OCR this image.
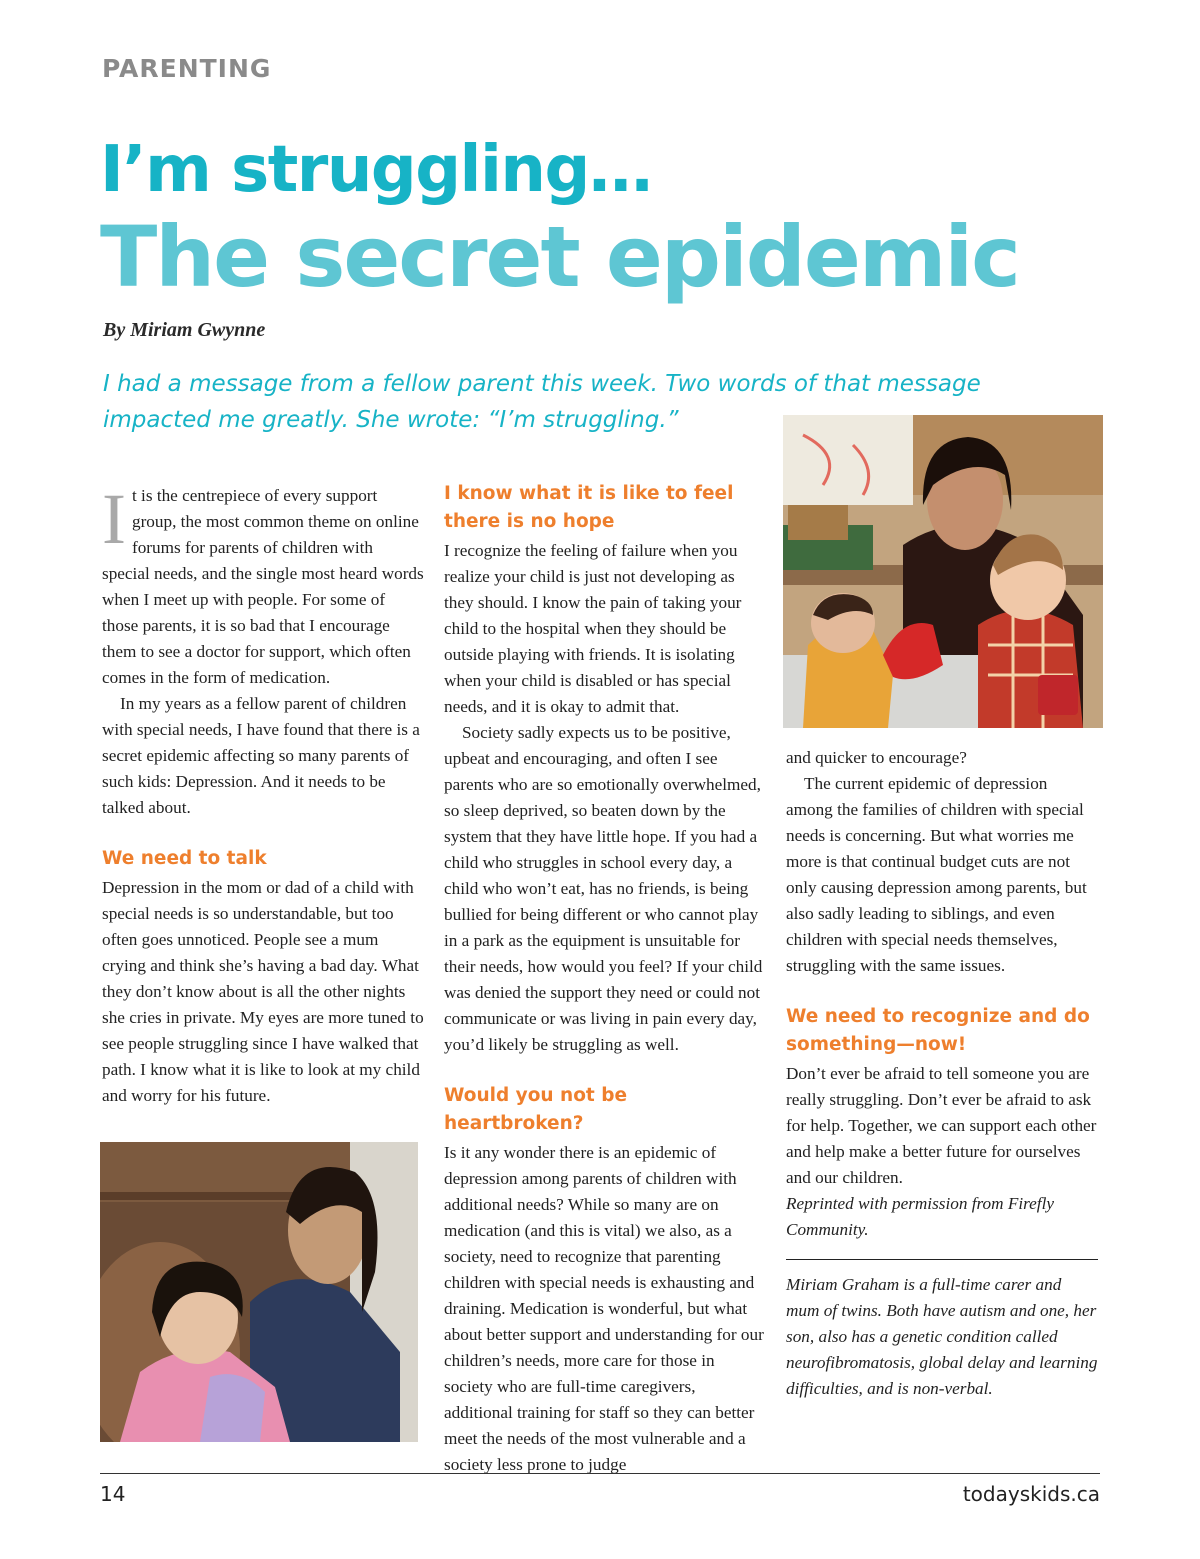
PARENTING
I’m struggling…
The secret epidemic
By Miriam Gwynne
I had a message from a fellow parent this week. Two words of that message impacted me greatly. She wrote: “I’m struggling.”

It is the centrepiece of every support group, the most common theme on online forums for parents of children with special needs, and the single most heard words when I meet up with people. For some of those parents, it is so bad that I encourage them to see a doctor for support, which often comes in the form of medication.

In my years as a fellow parent of children with special needs, I have found that there is a secret epidemic affecting so many parents of such kids: Depression. And it needs to be talked about.

We need to talk

Depression in the mom or dad of a child with special needs is so understandable, but too often goes unnoticed. People see a mum crying and think she’s having a bad day. What they don’t know about is all the other nights she cries in private. My eyes are more tuned to see people struggling since I have walked that path. I know what it is like to look at my child and worry for his future.

I know what it is like to feel there is no hope

I recognize the feeling of failure when you realize your child is just not developing as they should. I know the pain of taking your child to the hospital when they should be outside playing with friends. It is isolating when your child is disabled or has special needs, and it is okay to admit that.

Society sadly expects us to be positive, upbeat and encouraging, and often I see parents who are so emotionally overwhelmed, so sleep deprived, so beaten down by the system that they have little hope. If you had a child who struggles in school every day, a child who won’t eat, has no friends, is being bullied for being different or who cannot play in a park as the equipment is unsuitable for their needs, how would you feel? If your child was denied the support they need or could not communicate or was living in pain every day, you’d likely be struggling as well.

Would you not be heartbroken?

Is it any wonder there is an epidemic of depression among parents of children with additional needs? While so many are on medication (and this is vital) we also, as a society, need to recognize that parenting children with special needs is exhausting and draining. Medication is wonderful, but what about better support and understanding for our children’s needs, more care for those in society who are full-time caregivers, additional training for staff so they can better meet the needs of the most vulnerable and a society less prone to judge

and quicker to encourage?

The current epidemic of depression among the families of children with special needs is concerning. But what worries me more is that continual budget cuts are not only causing depression among parents, but also sadly leading to siblings, and even children with special needs themselves, struggling with the same issues.

We need to recognize and do something—now!

Don’t ever be afraid to tell someone you are really struggling. Don’t ever be afraid to ask for help. Together, we can support each other and help make a better future for ourselves and our children.

Reprinted with permission from Firefly Community.

Miriam Graham is a full-time carer and mum of twins. Both have autism and one, her son, also has a genetic condition called neurofibromatosis, global delay and learning difficulties, and is non-verbal.

14	todayskids.ca
